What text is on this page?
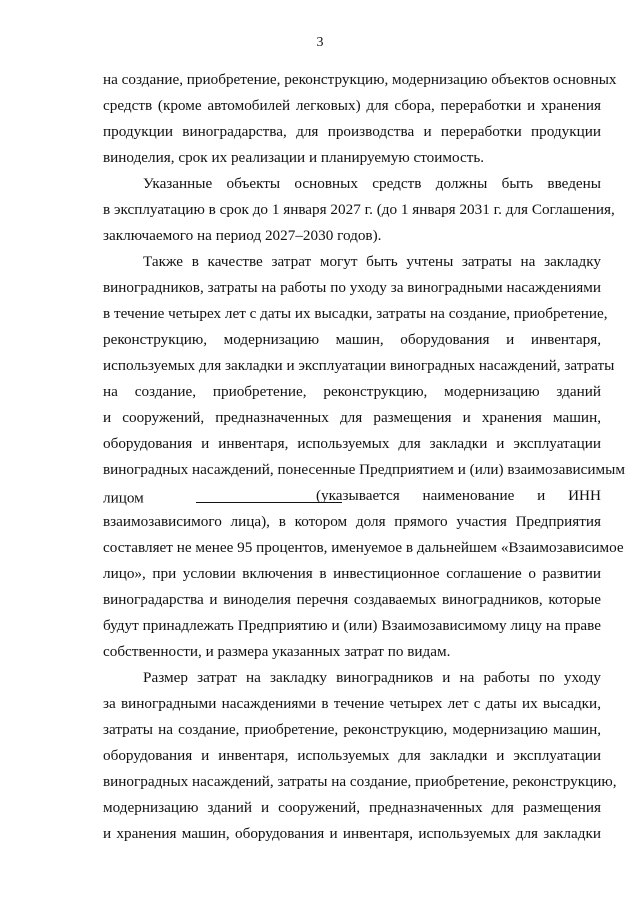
3
на создание, приобретение, реконструкцию, модернизацию объектов основных
средств (кроме автомобилей легковых) для сбора, переработки и хранения
продукции виноградарства, для производства и переработки продукции
виноделия, срок их реализации и планируемую стоимость.
Указанные объекты основных средств должны быть введены
в эксплуатацию в срок до 1 января 2027 г. (до 1 января 2031 г. для Соглашения,
заключаемого на период 2027–2030 годов).
Также в качестве затрат могут быть учтены затраты на закладку
виноградников, затраты на работы по уходу за виноградными насаждениями
в течение четырех лет с даты их высадки, затраты на создание, приобретение,
реконструкцию, модернизацию машин, оборудования и инвентаря,
используемых для закладки и эксплуатации виноградных насаждений, затраты
на создание, приобретение, реконструкцию, модернизацию зданий
и сооружений, предназначенных для размещения и хранения машин,
оборудования и инвентаря, используемых для закладки и эксплуатации
виноградных насаждений, понесенные Предприятием и (или) взаимозависимым
лицом	(указывается наименование и ИНН
взаимозависимого лица), в котором доля прямого участия Предприятия
составляет не менее 95 процентов, именуемое в дальнейшем «Взаимозависимое
лицо», при условии включения в инвестиционное соглашение о развитии
виноградарства и виноделия перечня создаваемых виноградников, которые
будут принадлежать Предприятию и (или) Взаимозависимому лицу на праве
собственности, и размера указанных затрат по видам.
Размер затрат на закладку виноградников и на работы по уходу
за виноградными насаждениями в течение четырех лет с даты их высадки,
затраты на создание, приобретение, реконструкцию, модернизацию машин,
оборудования и инвентаря, используемых для закладки и эксплуатации
виноградных насаждений, затраты на создание, приобретение, реконструкцию,
модернизацию зданий и сооружений, предназначенных для размещения
и хранения машин, оборудования и инвентаря, используемых для закладки
